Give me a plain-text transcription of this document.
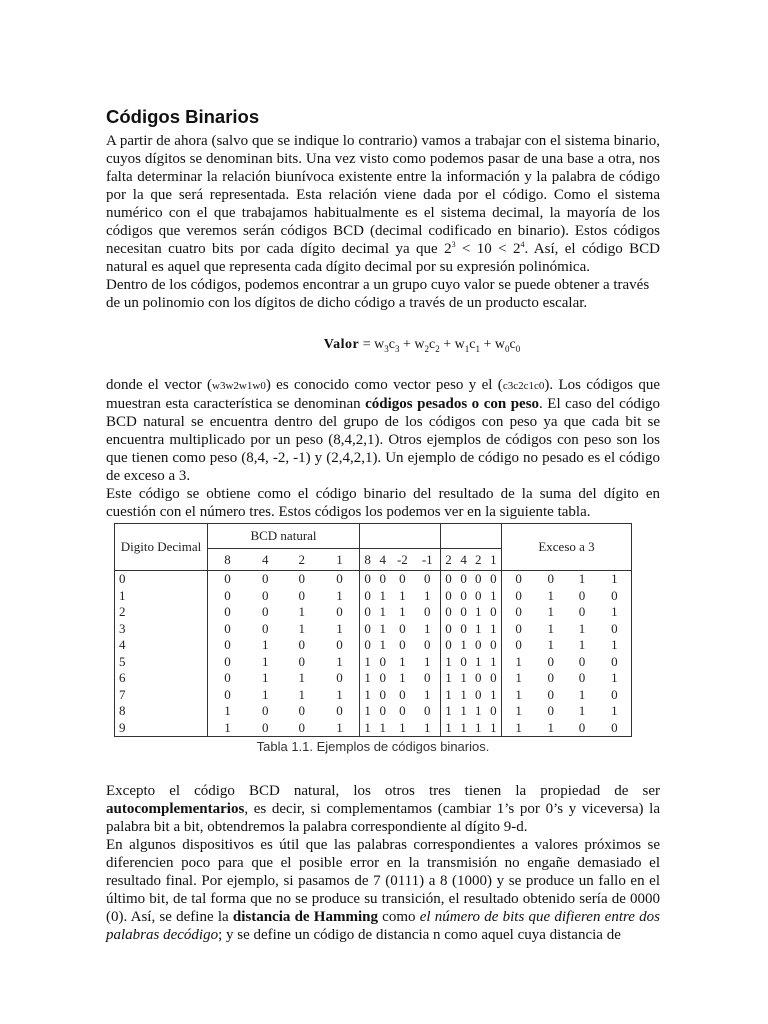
Códigos Binarios

A partir de ahora (salvo que se indique lo contrario) vamos a trabajar con el sistema binario, cuyos dígitos se denominan bits. Una vez visto como podemos pasar de una base a otra, nos falta determinar la relación biunívoca existente entre la información y la palabra de código por la que será representada. Esta relación viene dada por el código. Como el sistema numérico con el que trabajamos habitualmente es el sistema decimal, la mayoría de los códigos que veremos serán códigos BCD (decimal codificado en binario). Estos códigos necesitan cuatro bits por cada dígito decimal ya que $2^3 < 10 < 2^4$. Así, el código BCD natural es aquel que representa cada dígito decimal por su expresión polinómica.

Dentro de los códigos, podemos encontrar a un grupo cuyo valor se puede obtener a través de un polinomio con los dígitos de dicho código a través de un producto escalar.

Valor = $w_3c_3 + w_2c_2 + w_1c_1 + w_0c_0$

donde el vector (w3w2w1w0) es conocido como vector peso y el (c3c2c1c0). Los códigos que muestran esta característica se denominan códigos pesados o con peso. El caso del código BCD natural se encuentra dentro del grupo de los códigos con peso ya que cada bit se encuentra multiplicado por un peso (8,4,2,1). Otros ejemplos de códigos con peso son los que tienen como peso (8,4, -2, -1) y (2,4,2,1). Un ejemplo de código no pesado es el código de exceso a 3.

Este código se obtiene como el código binario del resultado de la suma del dígito en cuestión con el número tres. Estos códigos los podemos ver en la siguiente tabla.

Digito Decimal	BCD natural												Exceso a 3			
	8	4	2	1	8	4	-2	-1	2	4	2	1				
0	0	0	0	0	0	0	0	0	0	0	0	0	0	0	1	1
1	0	0	0	1	0	1	1	1	0	0	0	1	0	1	0	0
2	0	0	1	0	0	1	1	0	0	0	1	0	0	1	0	1
3	0	0	1	1	0	1	0	1	0	0	1	1	0	1	1	0
4	0	1	0	0	0	1	0	0	0	1	0	0	0	1	1	1
5	0	1	0	1	1	0	1	1	1	0	1	1	1	0	0	0
6	0	1	1	0	1	0	1	0	1	1	0	0	1	0	0	1
7	0	1	1	1	1	0	0	1	1	1	0	1	1	0	1	0
8	1	0	0	0	1	0	0	0	1	1	1	0	1	0	1	1
9	1	0	0	1	1	1	1	1	1	1	1	1	1	1	0	0
Tabla 1.1. Ejemplos de códigos binarios.

Excepto el código BCD natural, los otros tres tienen la propiedad de ser autocomplementarios, es decir, si complementamos (cambiar 1’s por 0’s y viceversa) la palabra bit a bit, obtendremos la palabra correspondiente al dígito 9-d.

En algunos dispositivos es útil que las palabras correspondientes a valores próximos se diferencien poco para que el posible error en la transmisión no engañe demasiado el resultado final. Por ejemplo, si pasamos de 7 (0111) a 8 (1000) y se produce un fallo en el último bit, de tal forma que no se produce su transición, el resultado obtenido sería de 0000 (0). Así, se define la distancia de Hamming como el número de bits que difieren entre dos palabras decódigo; y se define un código de distancia n como aquel cuya distancia de
